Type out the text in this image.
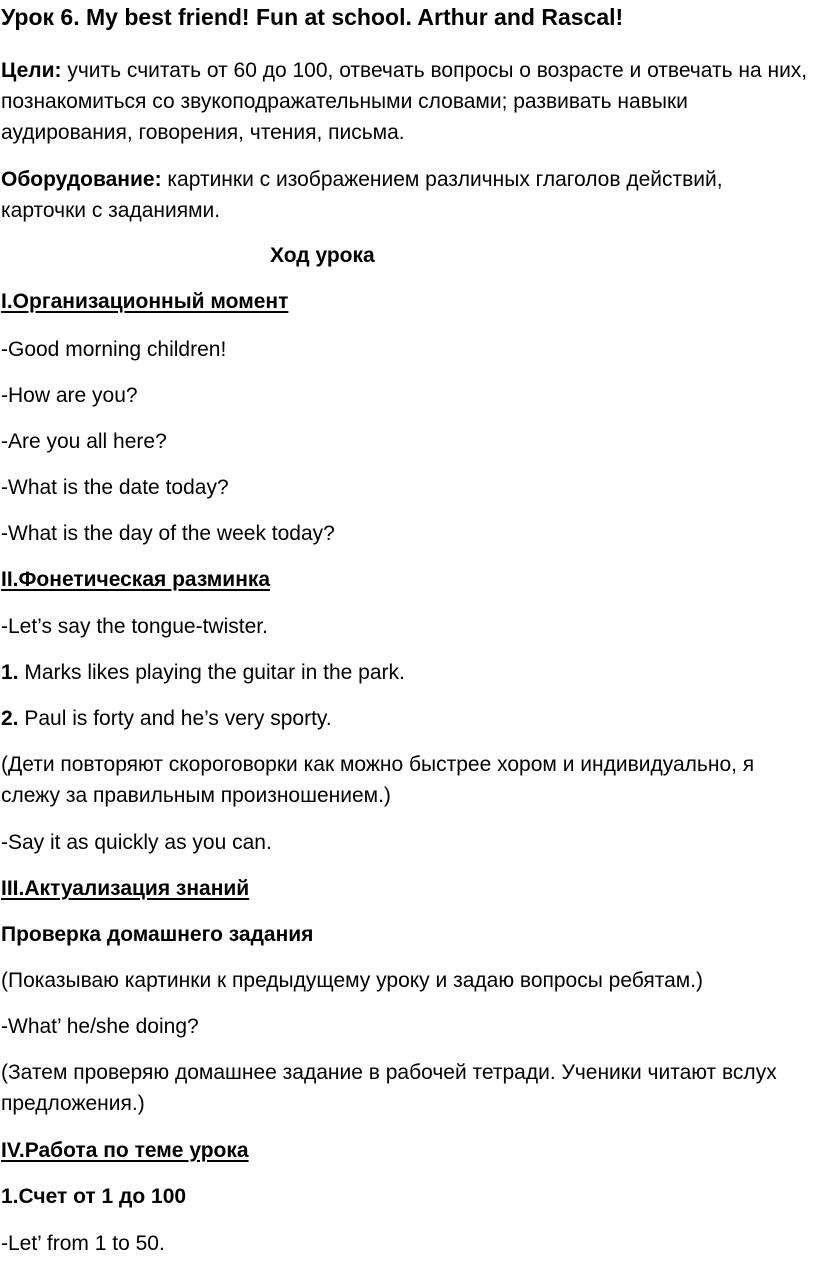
Урок 6. My best friend! Fun at school. Arthur and Rascal!
Цели: учить считать от 60 до 100, отвечать вопросы о возрасте и отвечать на них, познакомиться со звукоподражательными словами; развивать навыки аудирования, говорения, чтения, письма.
Оборудование: картинки с изображением различных глаголов действий, карточки с заданиями.
Ход урока
I.Организационный момент
-Good morning children!
-How are you?
-Are you all here?
-What is the date today?
-What is the day of the week today?
II.Фонетическая разминка
-Let’s say the tongue-twister.
1. Marks likes playing the guitar in the park.
2. Paul is forty and he’s very sporty.
(Дети повторяют скороговорки как можно быстрее хором и индивидуально, я слежу за правильным произношением.)
-Say it as quickly as you can.
III.Актуализация знаний
Проверка домашнего задания
(Показываю картинки к предыдущему уроку и задаю вопросы ребятам.)
-What’ he/she doing?
(Затем проверяю домашнее задание в рабочей тетради. Ученики читают вслух предложения.)
IV.Работа по теме урока
1.Счет от 1 до 100
-Let’ from 1 to 50.
